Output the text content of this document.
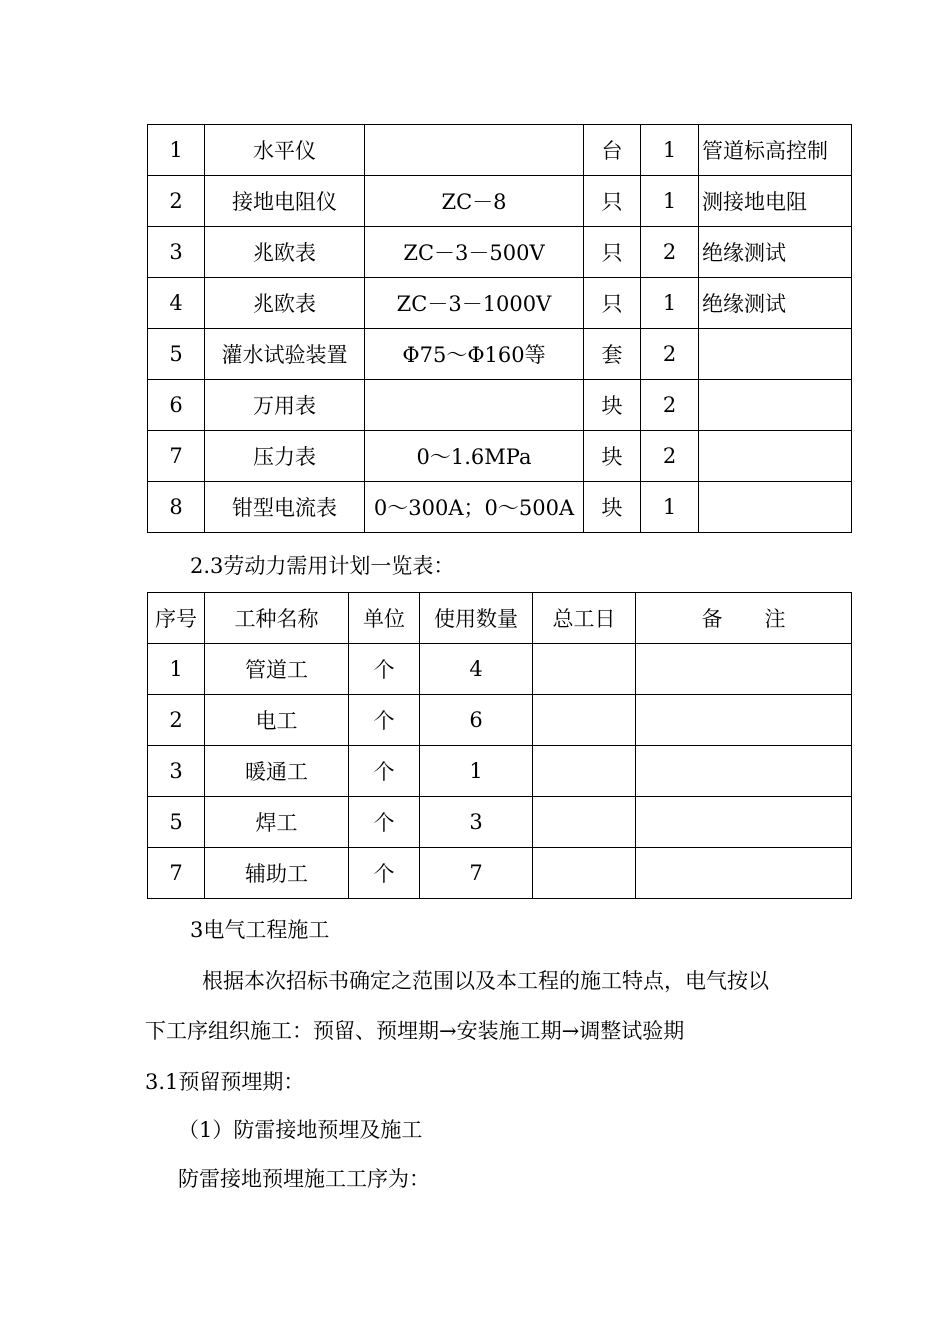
1	水平仪		台	1	管道标高控制
2	接地电阻仪	ZC－8	只	1	测接地电阻
3	兆欧表	ZC－3－500V	只	2	绝缘测试
4	兆欧表	ZC－3－1000V	只	1	绝缘测试
5	灌水试验装置	Φ75～Φ160等	套	2	
6	万用表		块	2	
7	压力表	0～1.6MPa	块	2	
8	钳型电流表	0～300A；0～500A	块	1	
2.3劳动力需用计划一览表：
序号	工种名称	单位	使用数量	总工日	备　　注
1	管道工	个	4		
2	电工	个	6		
3	暖通工	个	1		
5	焊工	个	3		
7	辅助工	个	7		
3电气工程施工
根据本次招标书确定之范围以及本工程的施工特点，电气按以
下工序组织施工：预留、预埋期→安装施工期→调整试验期
3.1预留预埋期：
（1）防雷接地预埋及施工
防雷接地预埋施工工序为：
